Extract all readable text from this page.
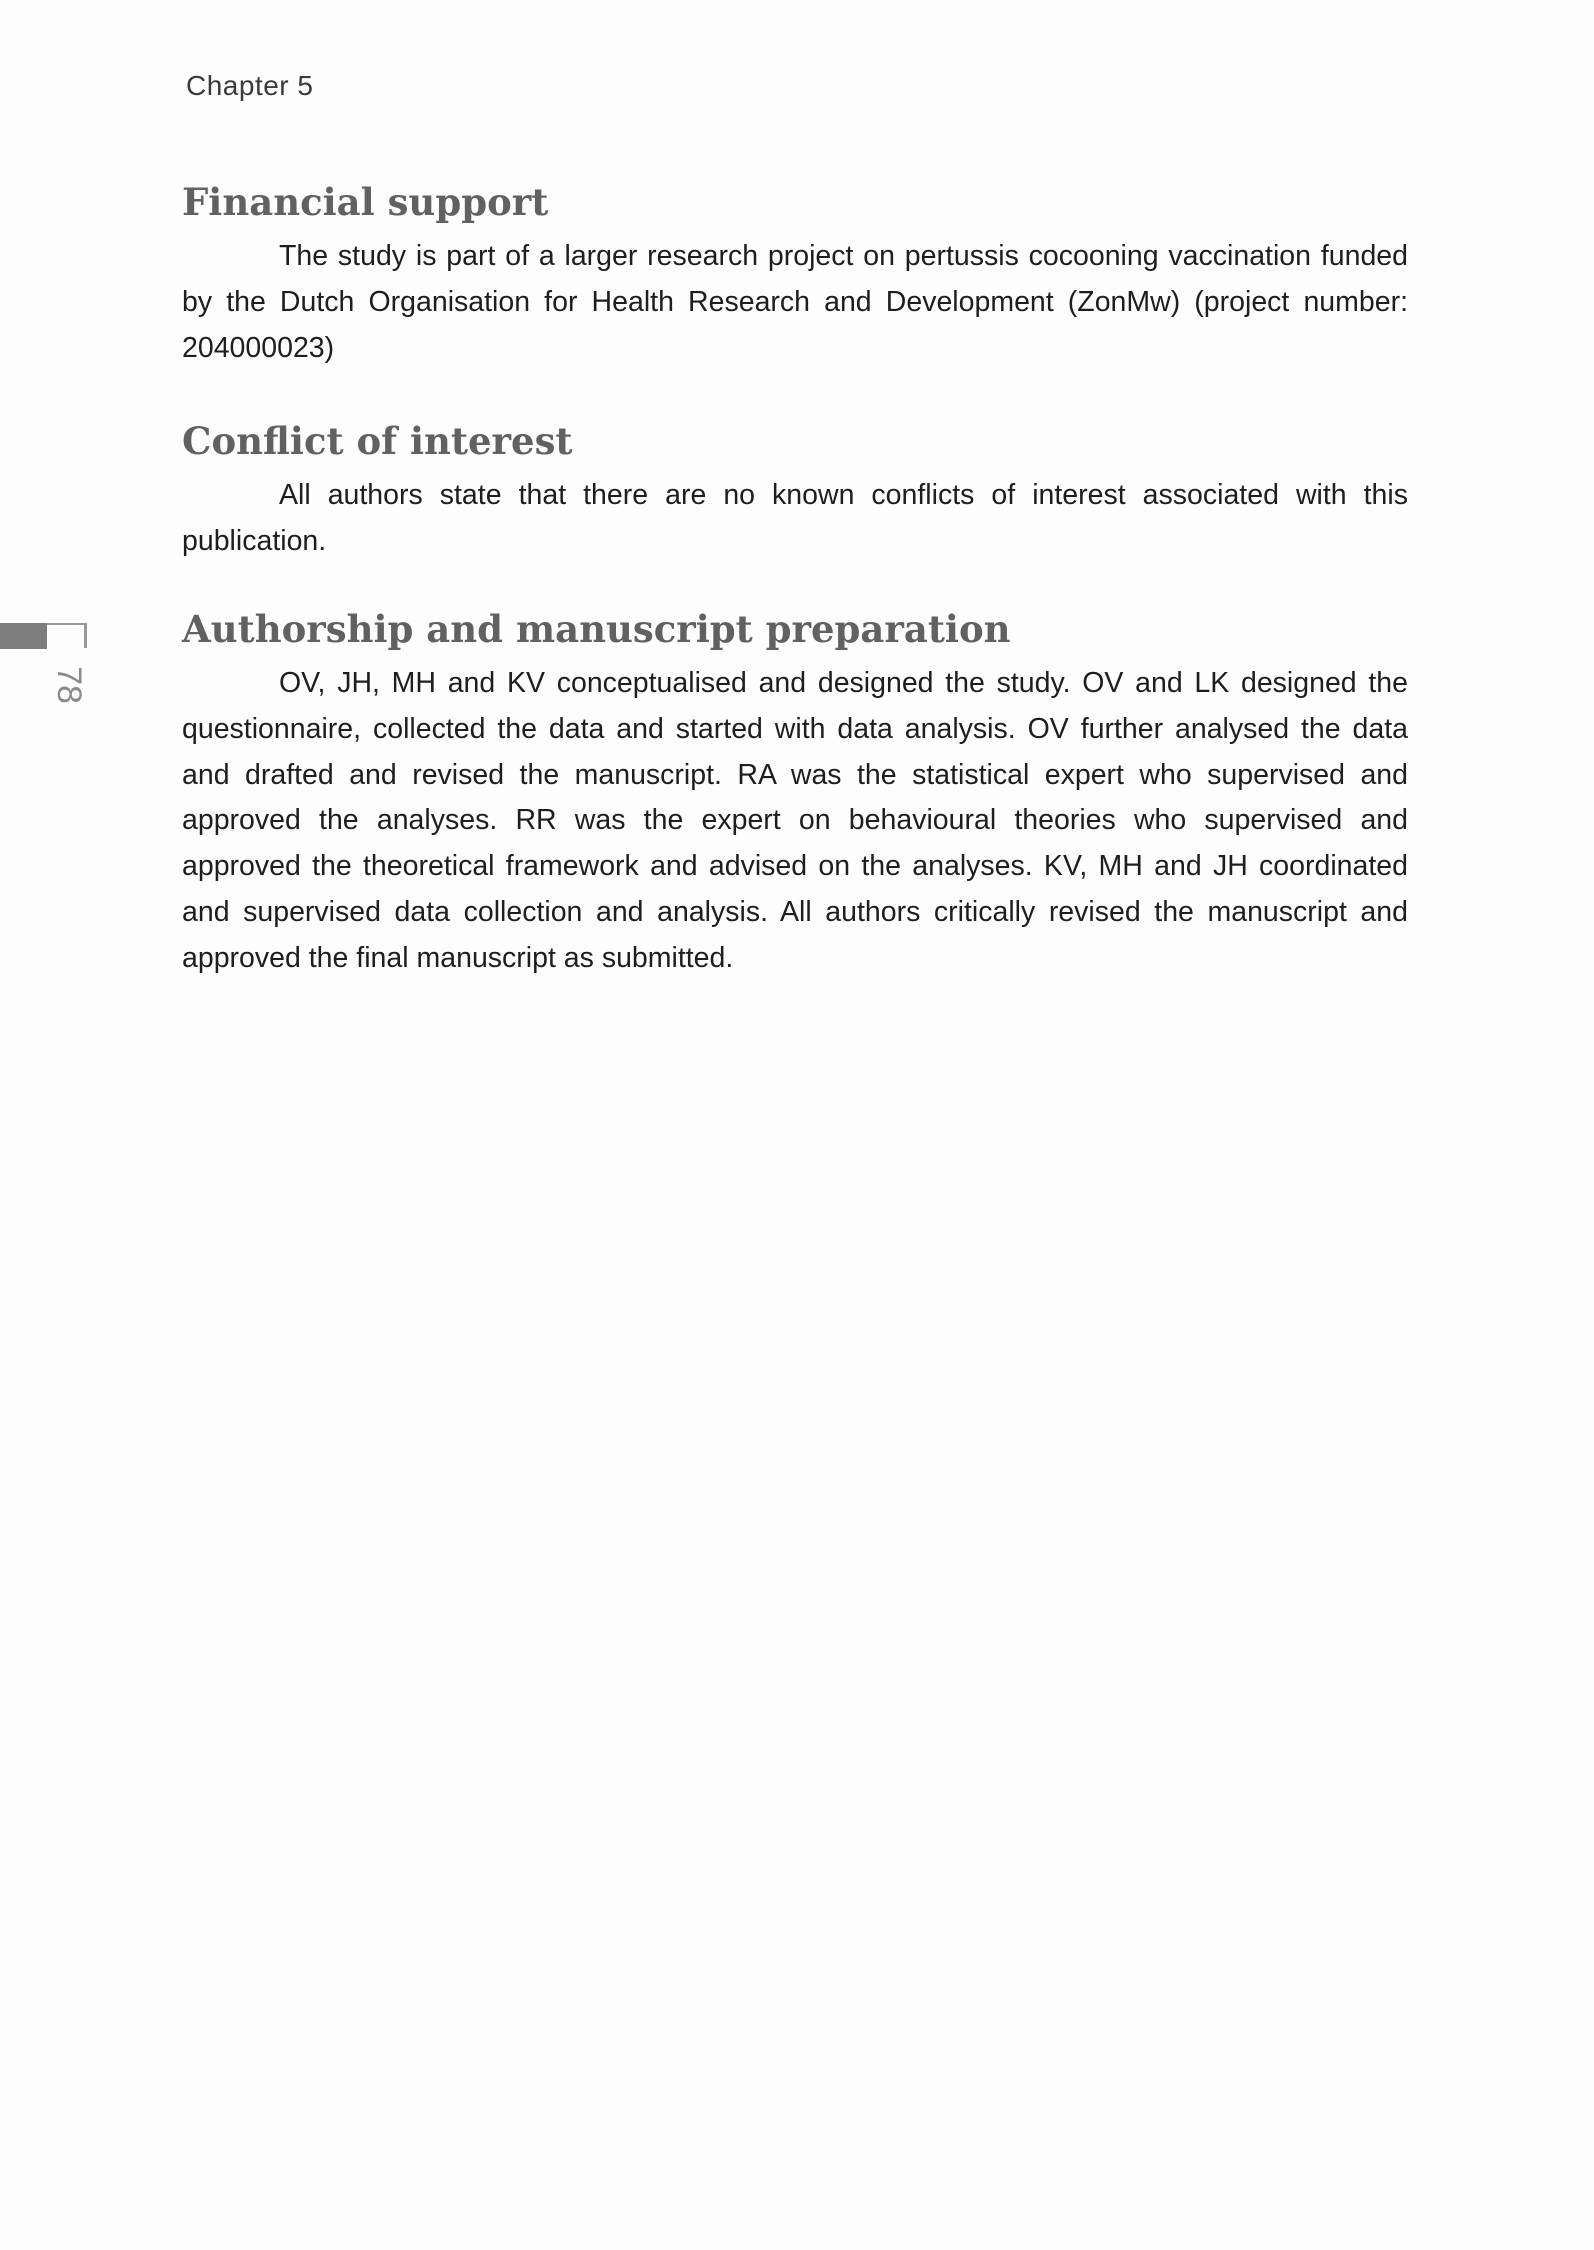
Chapter 5
78
Financial support

The study is part of a larger research project on pertussis cocooning vaccination funded by the Dutch Organisation for Health Research and Development (ZonMw) (project number: 204000023)

Conflict of interest

All authors state that there are no known conflicts of interest associated with this publication.

Authorship and manuscript preparation

OV, JH, MH and KV conceptualised and designed the study. OV and LK designed the questionnaire, collected the data and started with data analysis. OV further analysed the data and drafted and revised the manuscript. RA was the statistical expert who supervised and approved the analyses. RR was the expert on behavioural theories who supervised and approved the theoretical framework and advised on the analyses. KV, MH and JH coordinated and supervised data collection and analysis. All authors critically revised the manuscript and approved the final manuscript as submitted.
